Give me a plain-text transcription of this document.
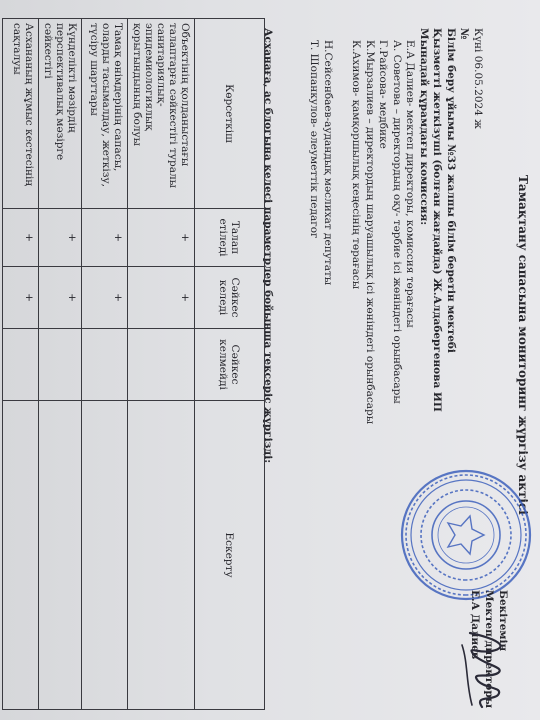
Тамақтану сапасына мониторинг жүргізу актісі
Бекітемін
Мектеп директоры
Е.А Далиев
Күні 06.05.2024 ж
№
Білім беру ұйымы №33 жалпы білім беретін мектебі
Қызметті жеткізуші (болған жағдайда) Ж.Алдабергенова ИП
Мынадай құрамдағы комиссия:
Е.А Далиев- мектеп директоры, комиссия төрағасы
А. Советова – директордың оқу- тәрбие ісі жөніндегі орынбасары
Г.Райсова- медбике
К.Мырзалиев – директордың шаруашылық ісі жөніндегі орынбасары
К.Ахимов- қамқоршылық кеңесінің төрағасы
Н.Сейсенбаев-аудандық мәслихат депутаты
Т. Шопанкулов- әлеуметтік педагог
Асханаға, ас блогына келесі параметрлер бойынша тексеріс жүргізді:
Көрсеткіш	Талап етіледі	Сәйкес келеді	Сәйкес келмейді	Ескерту
Объектінің қолданыстағы талаптарға сәйкестігі туралы санитариялық-эпидемиологиялық қорытындының болуы	+	+		
Тамақ өнімдерінің сапасы, оларды тасымалдау, жеткізу, түсіру шарттары	+	+		
Күнделікті мәзірдің перспективалық мәзірге сәйкестігі	+	+		
Асхананың жұмыс кестесінің сақталуы	+	+		
